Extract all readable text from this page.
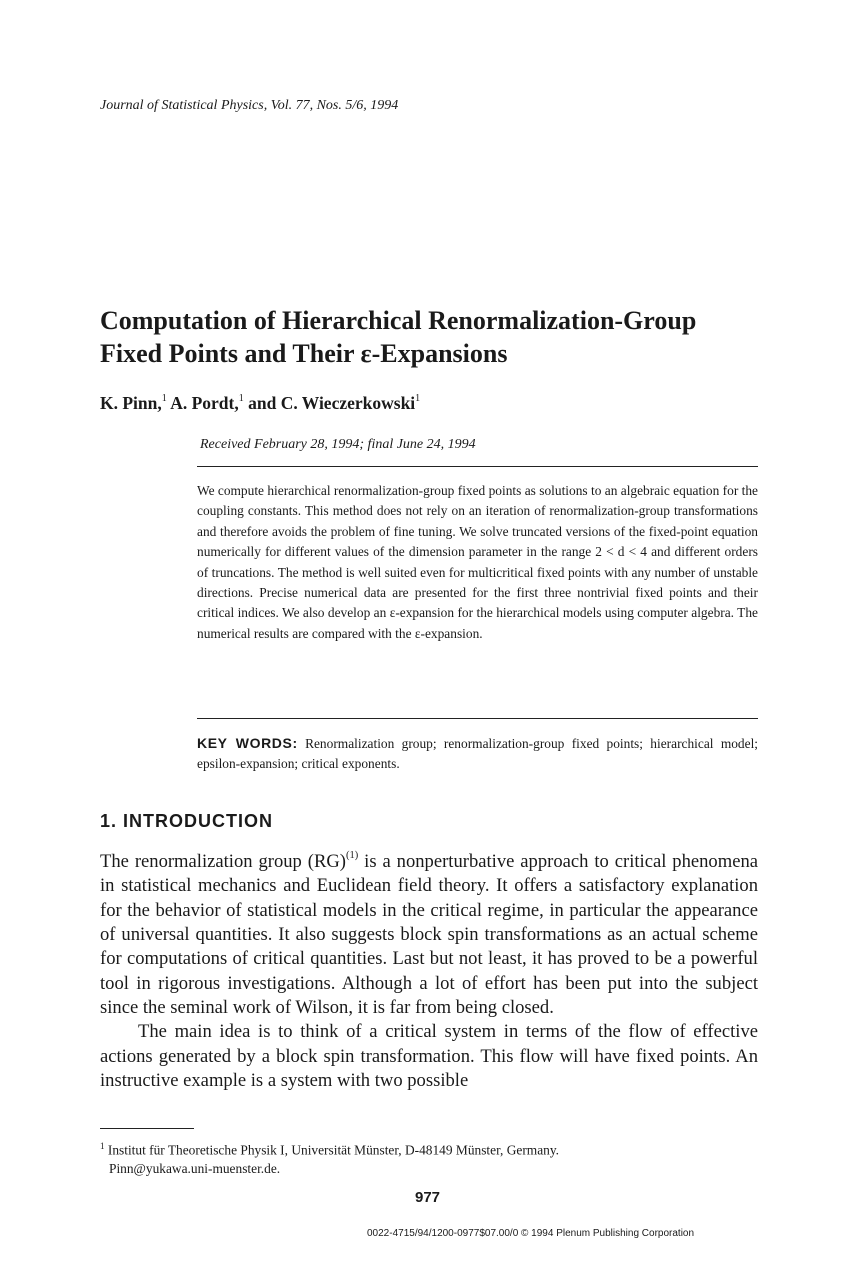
Journal of Statistical Physics, Vol. 77, Nos. 5/6, 1994
Computation of Hierarchical Renormalization-Group
Fixed Points and Their ε-Expansions
K. Pinn,$^1$ A. Pordt,$^1$ and C. Wieczerkowski$^1$
Received February 28, 1994; final June 24, 1994
We compute hierarchical renormalization-group fixed points as solutions to an algebraic equation for the coupling constants. This method does not rely on an iteration of renormalization-group transformations and therefore avoids the problem of fine tuning. We solve truncated versions of the fixed-point equation numerically for different values of the dimension parameter in the range 2 < d < 4 and different orders of truncations. The method is well suited even for multicritical fixed points with any number of unstable directions. Precise numerical data are presented for the first three nontrivial fixed points and their critical indices. We also develop an ε-expansion for the hierarchical models using computer algebra. The numerical results are compared with the ε-expansion.
KEY WORDS: Renormalization group; renormalization-group fixed points; hierarchical model; epsilon-expansion; critical exponents.
1. INTRODUCTION

The renormalization group (RG)$^{(1)}$ is a nonperturbative approach to critical phenomena in statistical mechanics and Euclidean field theory. It offers a satisfactory explanation for the behavior of statistical models in the critical regime, in particular the appearance of universal quantities. It also suggests block spin transformations as an actual scheme for computations of critical quantities. Last but not least, it has proved to be a powerful tool in rigorous investigations. Although a lot of effort has been put into the subject since the seminal work of Wilson, it is far from being closed.

The main idea is to think of a critical system in terms of the flow of effective actions generated by a block spin transformation. This flow will have fixed points. An instructive example is a system with two possible

$^1$ Institut für Theoretische Physik I, Universität Münster, D-48149 Münster, Germany.
Pinn@yukawa.uni-muenster.de.
977
0022-4715/94/1200-0977$07.00/0 © 1994 Plenum Publishing Corporation
